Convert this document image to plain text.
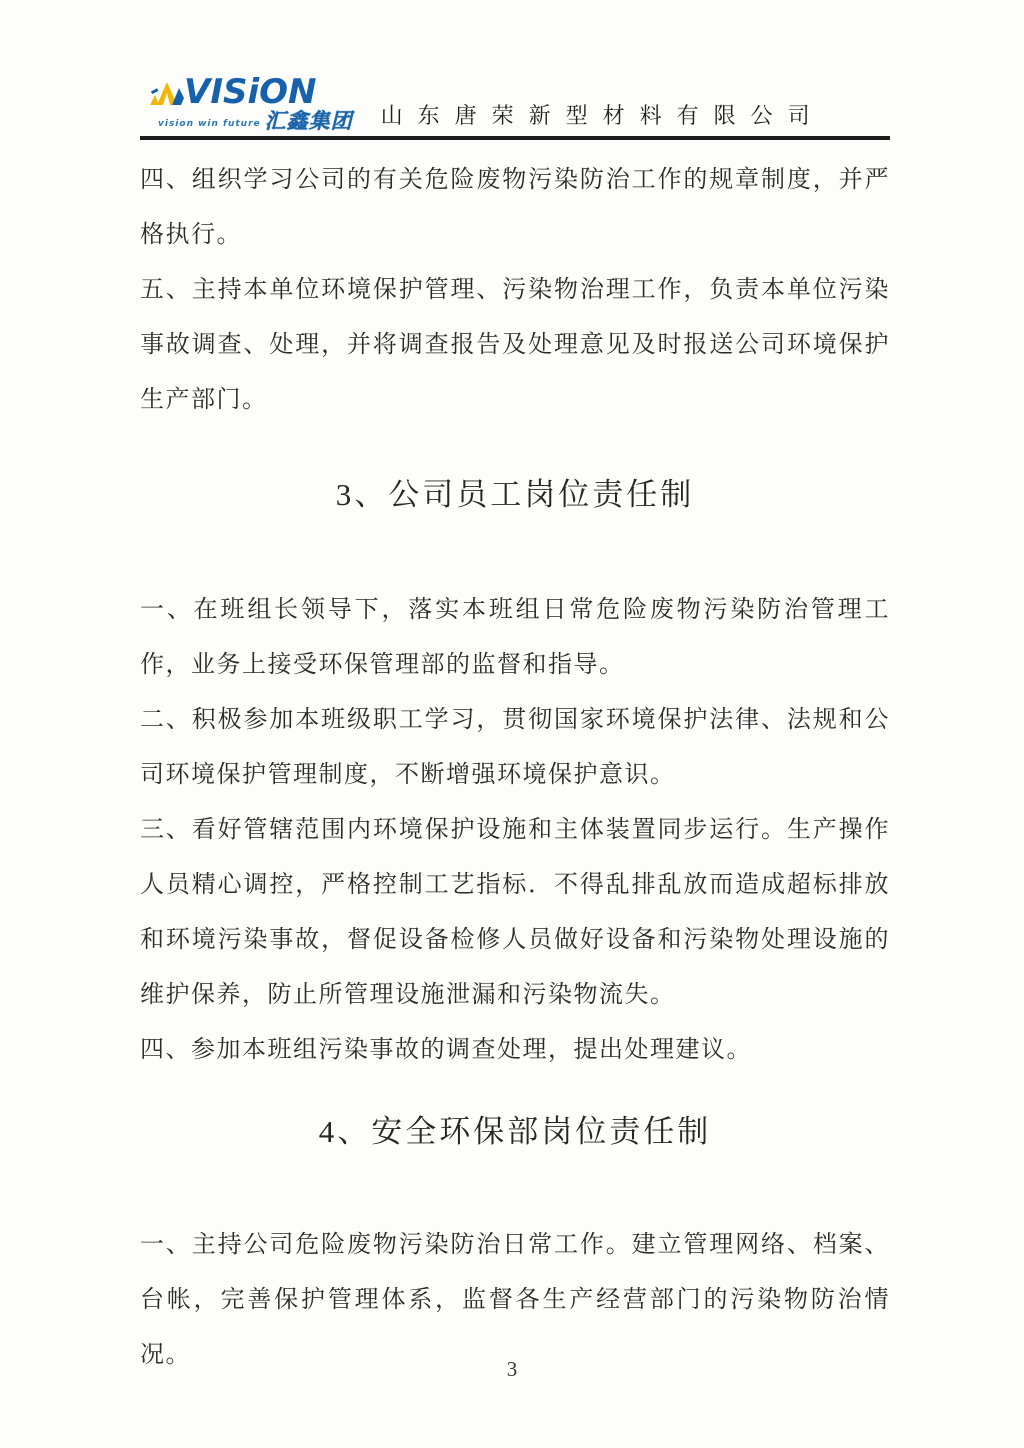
VISiON
vision win future 汇鑫集团 山东唐荣新型材料有限公司

四、组织学习公司的有关危险废物污染防治工作的规章制度，并严格执行。

五、主持本单位环境保护管理、污染物治理工作，负责本单位污染事故调查、处理，并将调查报告及处理意见及时报送公司环境保护生产部门。

3、公司员工岗位责任制

一、在班组长领导下，落实本班组日常危险废物污染防治管理工作，业务上接受环保管理部的监督和指导。

二、积极参加本班级职工学习，贯彻国家环境保护法律、法规和公司环境保护管理制度，不断增强环境保护意识。

三、看好管辖范围内环境保护设施和主体装置同步运行。生产操作人员精心调控，严格控制工艺指标．不得乱排乱放而造成超标排放和环境污染事故，督促设备检修人员做好设备和污染物处理设施的维护保养，防止所管理设施泄漏和污染物流失。

四、参加本班组污染事故的调查处理，提出处理建议。

4、安全环保部岗位责任制

一、主持公司危险废物污染防治日常工作。建立管理网络、档案、台帐，完善保护管理体系，监督各生产经营部门的污染物防治情况。

3
